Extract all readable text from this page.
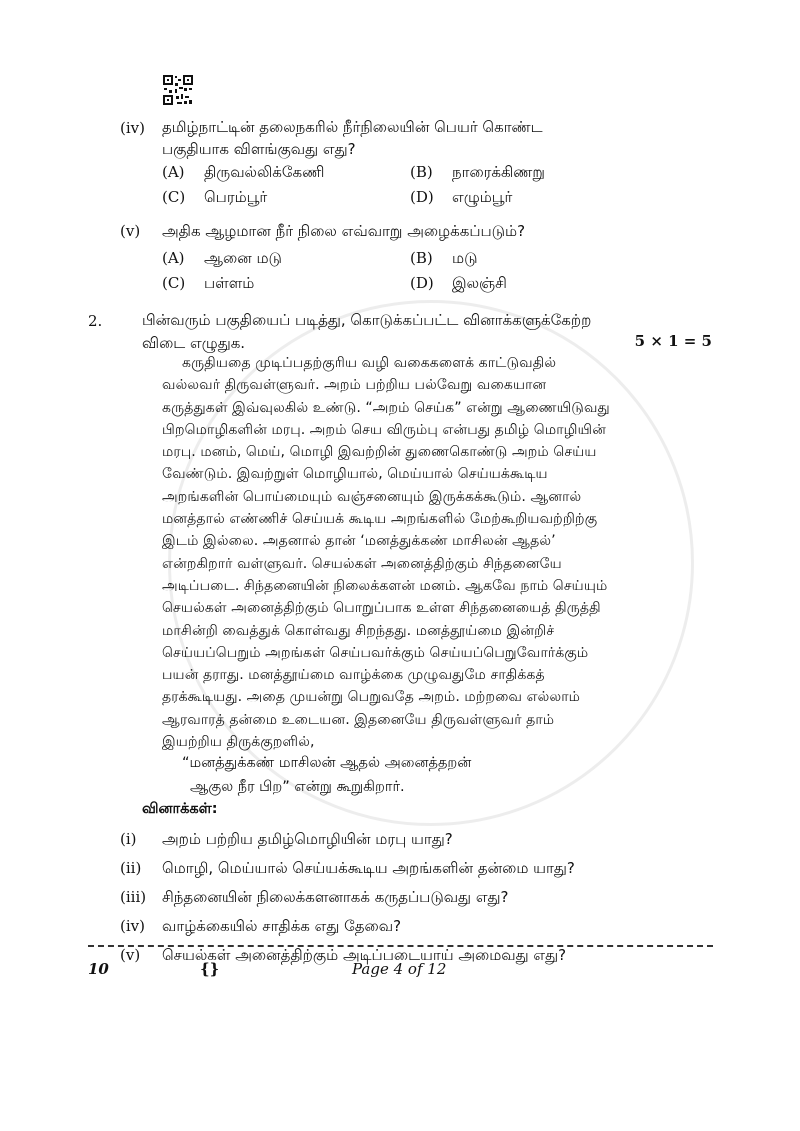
(iv) தமிழ்நாட்டின் தலைநகரில் நீர்நிலையின் பெயர் கொண்ட
பகுதியாக விளங்குவது எது?
(A) திருவல்லிக்கேணி	(B) நாரைக்கிணறு
(C) பெரம்பூர்	(D) எழும்பூர்
(v) அதிக ஆழமான நீர் நிலை எவ்வாறு அழைக்கப்படும்?
(A) ஆனை மடு	(B) மடு
(C) பள்ளம்	(D) இலஞ்சி
2.	பின்வரும் பகுதியைப் படித்து, கொடுக்கப்பட்ட வினாக்களுக்கேற்ற
விடை எழுதுக.	5 × 1 = 5
கருதியதை முடிப்பதற்குரிய வழி வகைகளைக் காட்டுவதில்
வல்லவர் திருவள்ளுவர். அறம் பற்றிய பல்வேறு வகையான
கருத்துகள் இவ்வுலகில் உண்டு. “அறம் செய்க” என்று ஆணையிடுவது
பிறமொழிகளின் மரபு. அறம் செய விரும்பு என்பது தமிழ் மொழியின்
மரபு. மனம், மெய், மொழி இவற்றின் துணைகொண்டு அறம் செய்ய
வேண்டும். இவற்றுள் மொழியால், மெய்யால் செய்யக்கூடிய
அறங்களின் பொய்மையும் வஞ்சனையும் இருக்கக்கூடும். ஆனால்
மனத்தால் எண்ணிச் செய்யக் கூடிய அறங்களில் மேற்கூறியவற்றிற்கு
இடம் இல்லை. அதனால் தான் ‘மனத்துக்கண் மாசிலன் ஆதல்’
என்றகிறார் வள்ளுவர். செயல்கள் அனைத்திற்கும் சிந்தனையே
அடிப்படை. சிந்தனையின் நிலைக்களன் மனம். ஆகவே நாம் செய்யும்
செயல்கள் அனைத்திற்கும் பொறுப்பாக உள்ள சிந்தனையைத் திருத்தி
மாசின்றி வைத்துக் கொள்வது சிறந்தது. மனத்தூய்மை இன்றிச்
செய்யப்பெறும் அறங்கள் செய்பவர்க்கும் செய்யப்பெறுவோர்க்கும்
பயன் தராது. மனத்தூய்மை வாழ்க்கை முழுவதுமே சாதிக்கத்
தரக்கூடியது. அதை முயன்று பெறுவதே அறம். மற்றவை எல்லாம்
ஆரவாரத் தன்மை உடையன. இதனையே திருவள்ளுவர் தாம்
இயற்றிய திருக்குறளில்,
“மனத்துக்கண் மாசிலன் ஆதல் அனைத்தறன்
ஆகுல நீர பிற” என்று கூறுகிறார்.
வினாக்கள்:
(i) அறம் பற்றிய தமிழ்மொழியின் மரபு யாது?
(ii) மொழி, மெய்யால் செய்யக்கூடிய அறங்களின் தன்மை யாது?
(iii) சிந்தனையின் நிலைக்களனாகக் கருதப்படுவது எது?
(iv) வாழ்க்கையில் சாதிக்க எது தேவை?
(v) செயல்கள் அனைத்திற்கும் அடிப்படையாய் அமைவது எது?
10	{}	Page 4 of 12
